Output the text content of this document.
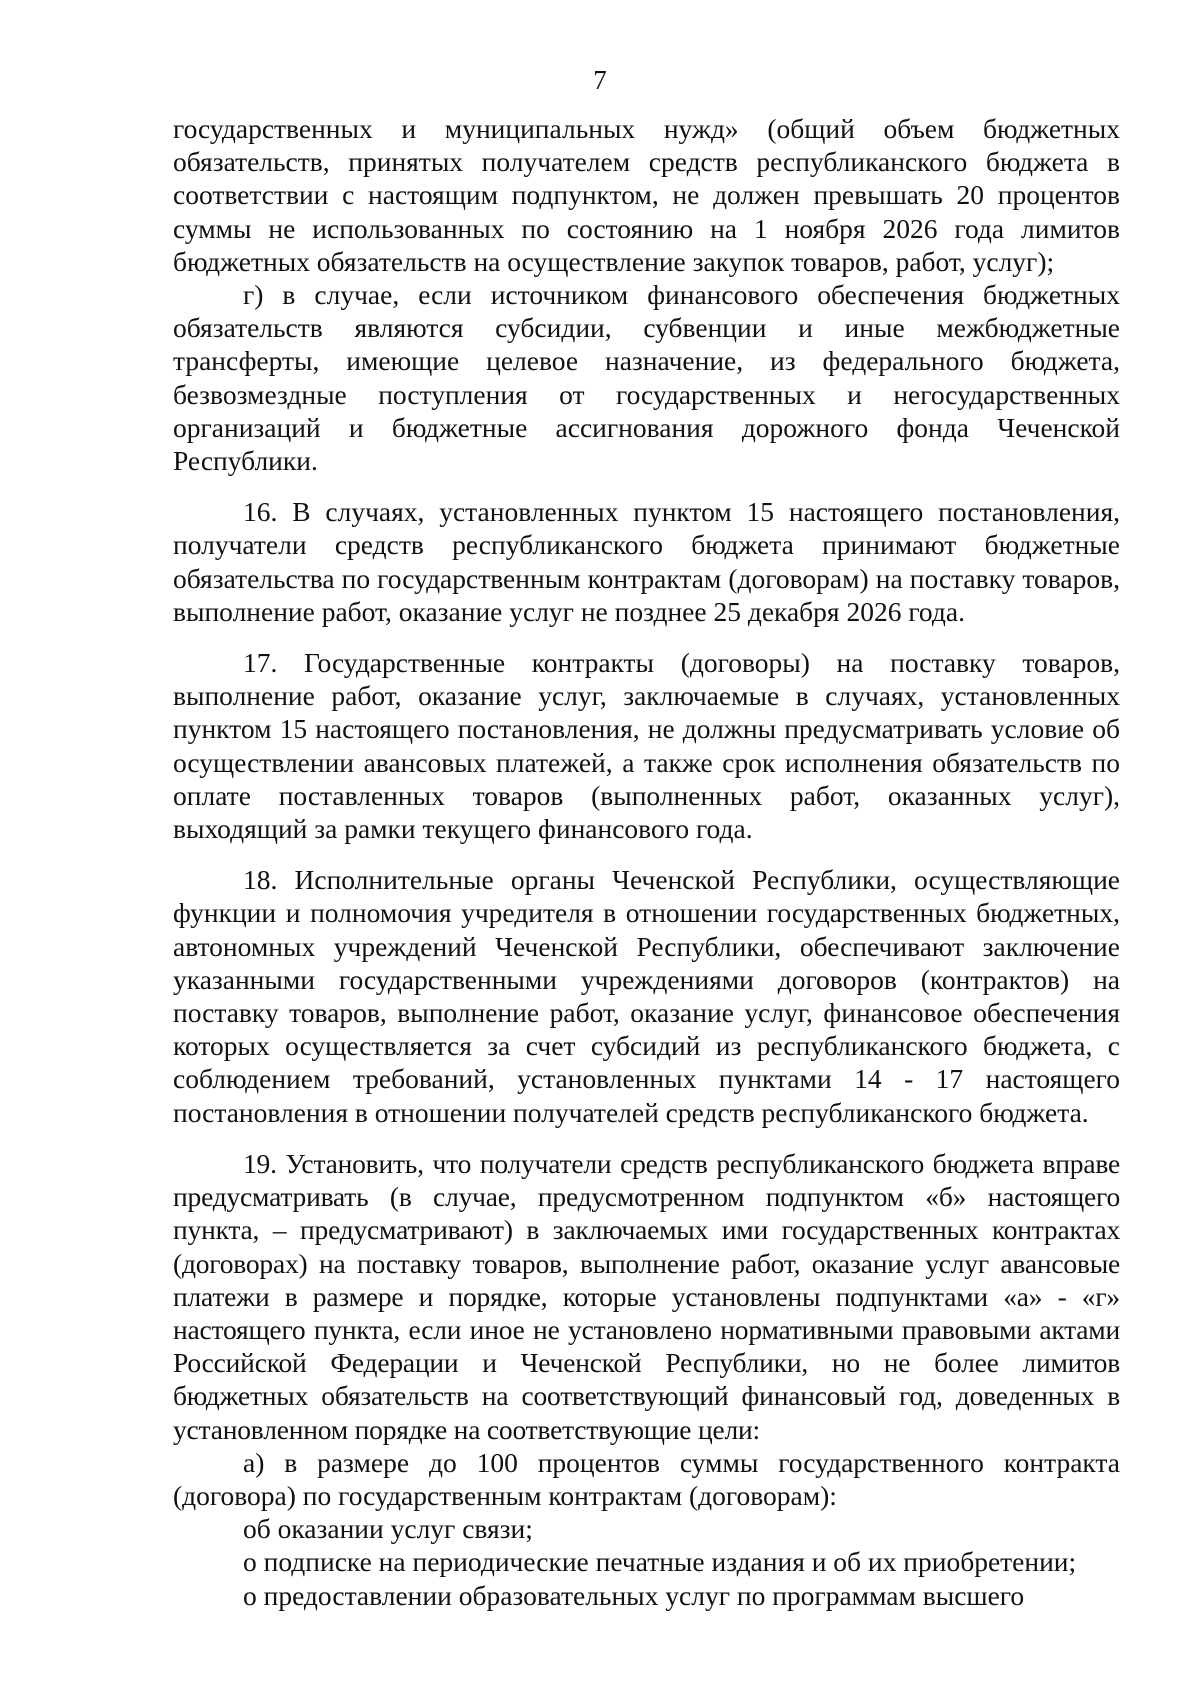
7

государственных и муниципальных нужд» (общий объем бюджетных обязательств, принятых получателем средств республиканского бюджета в соответствии с настоящим подпунктом, не должен превышать 20 процентов суммы не использованных по состоянию на 1 ноября 2026 года лимитов бюджетных обязательств на осуществление закупок товаров, работ, услуг);

г) в случае, если источником финансового обеспечения бюджетных обязательств являются субсидии, субвенции и иные межбюджетные трансферты, имеющие целевое назначение, из федерального бюджета, безвозмездные поступления от государственных и негосударственных организаций и бюджетные ассигнования дорожного фонда Чеченской Республики.

16. В случаях, установленных пунктом 15 настоящего постановления, получатели средств республиканского бюджета принимают бюджетные обязательства по государственным контрактам (договорам) на поставку товаров, выполнение работ, оказание услуг не позднее 25 декабря 2026 года.

17. Государственные контракты (договоры) на поставку товаров, выполнение работ, оказание услуг, заключаемые в случаях, установленных пунктом 15 настоящего постановления, не должны предусматривать условие об осуществлении авансовых платежей, а также срок исполнения обязательств по оплате поставленных товаров (выполненных работ, оказанных услуг), выходящий за рамки текущего финансового года.

18. Исполнительные органы Чеченской Республики, осуществляющие функции и полномочия учредителя в отношении государственных бюджетных, автономных учреждений Чеченской Республики, обеспечивают заключение указанными государственными учреждениями договоров (контрактов) на поставку товаров, выполнение работ, оказание услуг, финансовое обеспечения которых осуществляется за счет субсидий из республиканского бюджета, с соблюдением требований, установленных пунктами 14 - 17 настоящего постановления в отношении получателей средств республиканского бюджета.

19. Установить, что получатели средств республиканского бюджета вправе предусматривать (в случае, предусмотренном подпунктом «б» настоящего пункта, – предусматривают) в заключаемых ими государственных контрактах (договорах) на поставку товаров, выполнение работ, оказание услуг авансовые платежи в размере и порядке, которые установлены подпунктами «а» - «г» настоящего пункта, если иное не установлено нормативными правовыми актами Российской Федерации и Чеченской Республики, но не более лимитов бюджетных обязательств на соответствующий финансовый год, доведенных в установленном порядке на соответствующие цели:

а) в размере до 100 процентов суммы государственного контракта (договора) по государственным контрактам (договорам):

об оказании услуг связи;

о подписке на периодические печатные издания и об их приобретении;

о предоставлении образовательных услуг по программам высшего
